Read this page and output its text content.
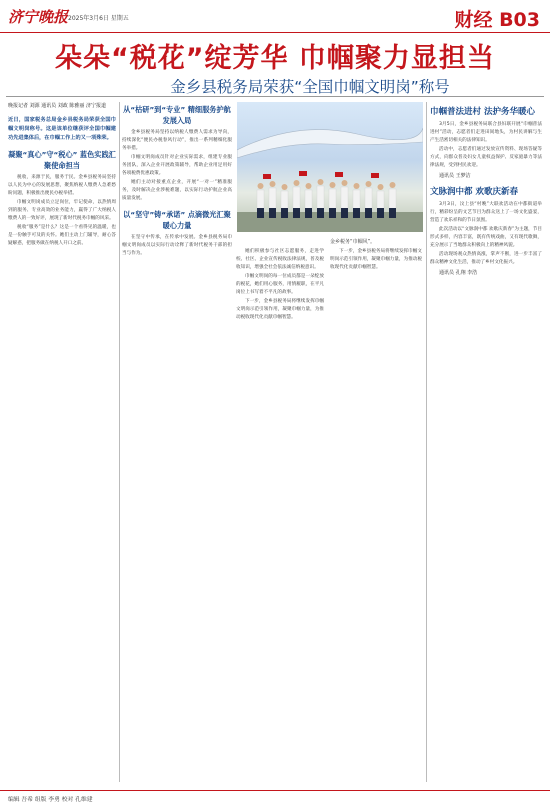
济宁晚报 2025年3月6日 星期五	财经 B03
朵朵“税花”绽芳华 巾帼聚力显担当
金乡县税务局荣获“全国巾帼文明岗”称号
晚报记者 刘源 通讯员 刘政 陈雅丽 济宁报道
近日，国家税务总局金乡县税务局荣获全国巾帼文明岗称号。这是该单位继获评全国巾帼建功先进集体后，在巾帼工作上的又一项殊荣。
凝聚“真心”守“税心” 蓝色实践汇聚使命担当

税收，来源于民，服务于民。金乡县税务局坚持以人民为中心的发展思想，聚焦纳税人缴费人急难愁盼问题，积极推出便民办税举措。

巾帼文明岗成员立足岗位，牢记使命，以热情周到的服务、专业高效的业务能力，赢得了广大纳税人缴费人的一致好评，展现了新时代税务巾帼的风采。

税收“服务”是什么？这是一个看得见的温暖，也是一份触手可及的关怀。她们主动上门辅导，耐心答疑解惑，把服务做在纳税人开口之前。

从“枯研”到“专业” 精细服务护航发展入局

金乡县税务局坚持以纳税人缴费人需求为导向，持续深化“便民办税春风行动”，推出一系列精细化服务举措。

巾帼文明岗成员针对企业实际需求，组建专业服务团队，深入企业开展政策辅导，帮助企业用足用好各项税费优惠政策。

她们主动对接重点企业，开展“一对一”精准服务，及时解决企业涉税难题，以实际行动护航企业高质量发展。

以“坚守”铸“承诺” 点滴微光汇聚暖心力量

在坚守中传承，在传承中发展。金乡县税务局巾帼文明岗成员以实际行动诠释了新时代税务干部的担当与作为。

金乡税务“巾帼风”。

她们积极参与社区志愿服务，走进学校、社区、企业宣传税收法律法规，普及税收知识，增强全社会依法诚信纳税意识。

巾帼文明岗的每一位成员都是一朵绽放的税花，她们用心服务，用情履职，在平凡岗位上书写着不平凡的故事。

下一步，金乡县税务局将继续发挥巾帼文明岗示范引领作用，凝聚巾帼力量，为推动税收现代化贡献巾帼智慧。

下一步，金乡县税务局将继续发挥巾帼文明岗示范引领作用，凝聚巾帼力量，为推动税收现代化贡献巾帼智慧。

巾帼普法进村 法护务华暖心

3月5日，金乡县税务局联合县妇联开展“巾帼普法进村”活动，志愿者们走进田间地头，为村民讲解与生产生活密切相关的法律知识。

活动中，志愿者们通过发放宣传资料、现场答疑等方式，向群众普及妇女儿童权益保护、反家庭暴力等法律法规，受到村民欢迎。

通讯员 王梦洁
文脉润中都 欢歌庆新春

3月3日，汶上县“村晚”大联欢活动在中都街道举行，精彩纷呈的文艺节目为群众送上了一场文化盛宴，营造了欢乐祥和的节日氛围。

此次活动以“文脉润中都 欢歌庆新春”为主题，节目形式多样，内容丰富，既有传统戏曲，又有现代歌舞，充分展示了当地群众积极向上的精神风貌。

活动现场观众热情高涨，掌声不断，进一步丰富了群众精神文化生活，推动了乡村文化振兴。

通讯员 孔翔 李浩
编辑 吾希 组版 李勇 校对 孔维建
